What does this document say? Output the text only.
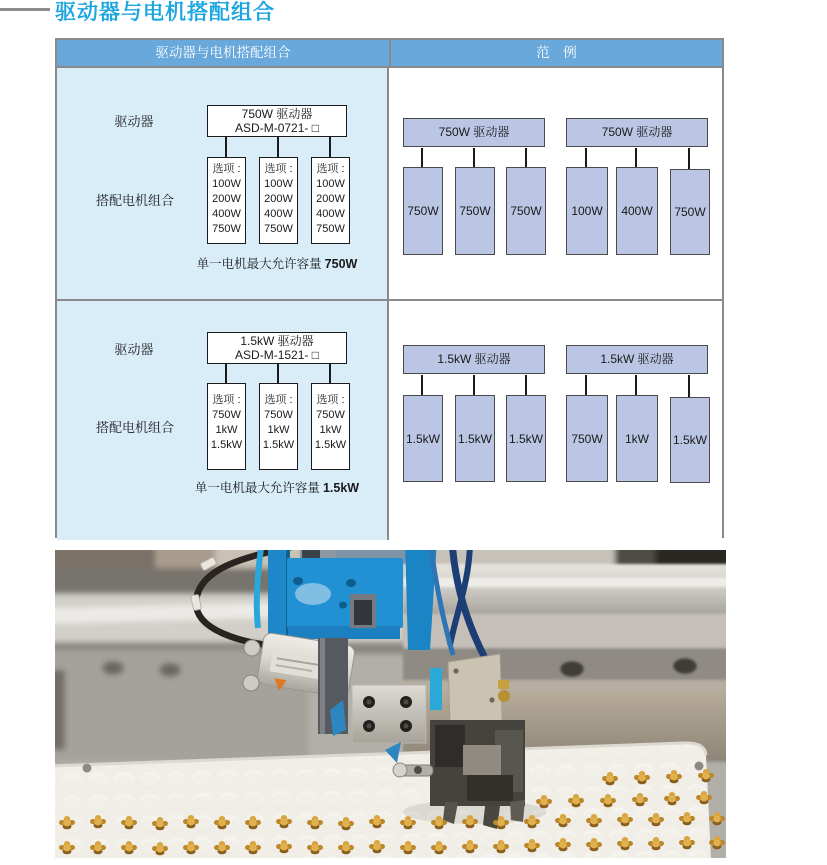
驱动器与电机搭配组合
驱动器与电机搭配组合	范　例
驱动器	750W 驱动器
ASD-M-0721- □
选项 :
100W
200W
400W
750W
选项 :
100W
200W
400W
750W
选项 :
100W
200W
400W
750W
搭配电机组合
单一电机最大允许容量 750W
750W 驱动器
750W	750W	750W
750W 驱动器
100W	400W	750W
驱动器
1.5kW 驱动器
ASD-M-1521- □
选项 :
750W
1kW
1.5kW
选项 :
750W
1kW
1.5kW
选项 :
750W
1kW
1.5kW
搭配电机组合
单一电机最大允许容量 1.5kW
1.5kW 驱动器
1.5kW 1.5kW 1.5kW
1.5kW 驱动器
750W	1kW	1.5kW
